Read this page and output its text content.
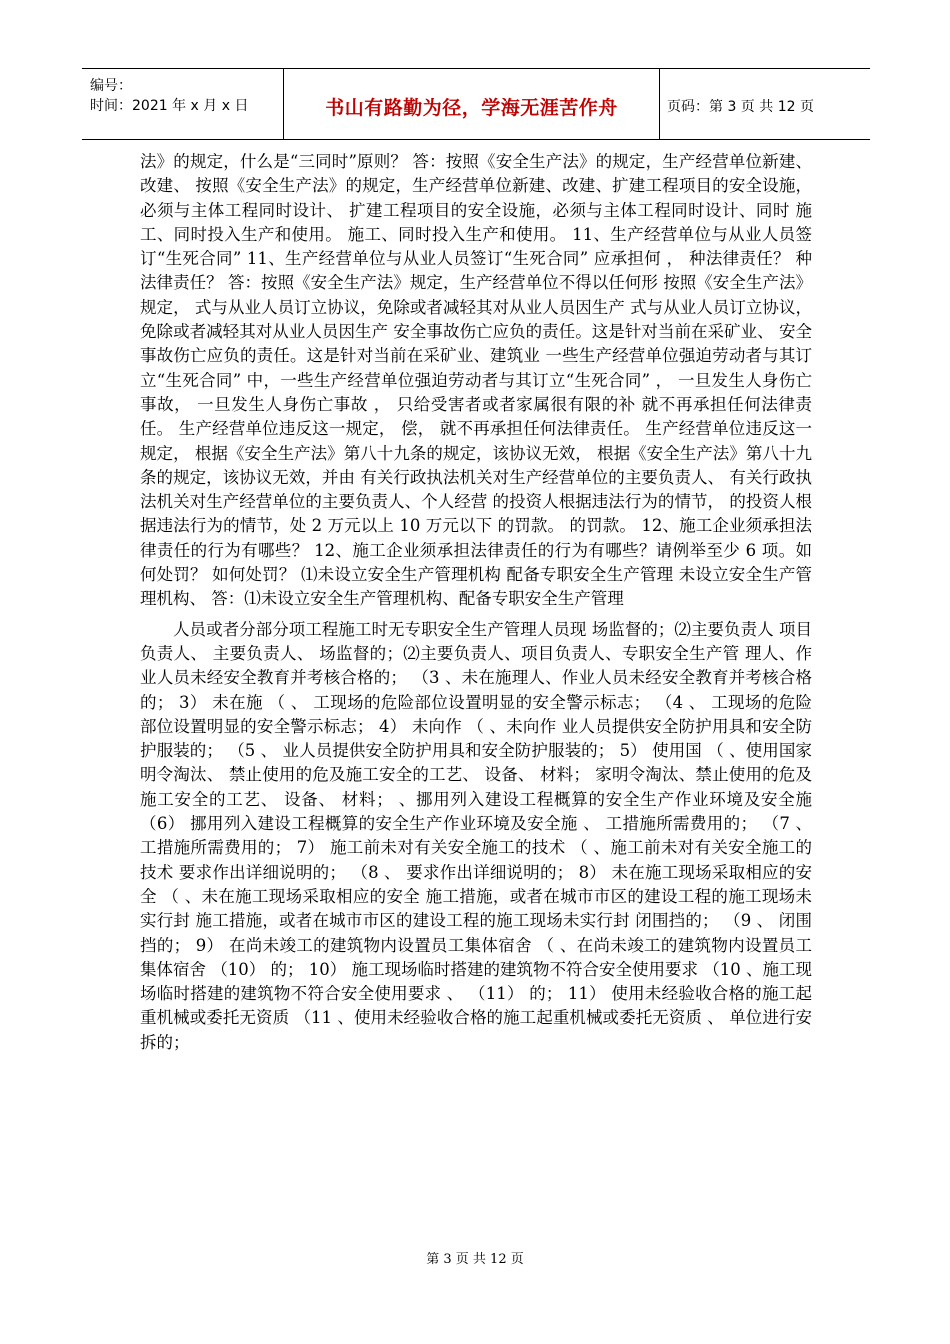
编号：
时间：2021 年 x 月 x 日	书山有路勤为径，学海无涯苦作舟	页码：第 3 页 共 12 页

法》的规定，什么是“三同时”原则？ 答：按照《安全生产法》的规定，生产经营单位新建、改建、 按照《安全生产法》的规定，生产经营单位新建、改建、扩建工程项目的安全设施，必须与主体工程同时设计、 扩建工程项目的安全设施，必须与主体工程同时设计、同时 施工、同时投入生产和使用。 施工、同时投入生产和使用。 11、生产经营单位与从业人员签订“生死合同” 11、生产经营单位与从业人员签订“生死合同” 应承担何 ， 种法律责任？ 种法律责任？ 答：按照《安全生产法》规定，生产经营单位不得以任何形 按照《安全生产法》规定， 式与从业人员订立协议，免除或者减轻其对从业人员因生产 式与从业人员订立协议，免除或者减轻其对从业人员因生产 安全事故伤亡应负的责任。这是针对当前在采矿业、 安全事故伤亡应负的责任。这是针对当前在采矿业、建筑业 一些生产经营单位强迫劳动者与其订立“生死合同” 中，一些生产经营单位强迫劳动者与其订立“生死合同” ， 一旦发生人身伤亡事故， 一旦发生人身伤亡事故 ， 只给受害者或者家属很有限的补 就不再承担任何法律责任。 生产经营单位违反这一规定， 偿， 就不再承担任何法律责任。 生产经营单位违反这一规定， 根据《安全生产法》第八十九条的规定，该协议无效， 根据《安全生产法》第八十九条的规定，该协议无效，并由 有关行政执法机关对生产经营单位的主要负责人、 有关行政执法机关对生产经营单位的主要负责人、个人经营 的投资人根据违法行为的情节， 的投资人根据违法行为的情节，处 2 万元以上 10 万元以下 的罚款。 的罚款。 12、施工企业须承担法律责任的行为有哪些？ 12、施工企业须承担法律责任的行为有哪些？请例举至少 6 项。如何处罚？ 如何处罚？ ⑴未设立安全生产管理机构 配备专职安全生产管理 未设立安全生产管理机构、 答：⑴未设立安全生产管理机构、配备专职安全生产管理

人员或者分部分项工程施工时无专职安全生产管理人员现 场监督的；⑵主要负责人 项目负责人、 主要负责人、 场监督的；⑵主要负责人、项目负责人、专职安全生产管 理人、作业人员未经安全教育并考核合格的； （3 、未在施理人、作业人员未经安全教育并考核合格的； 3） 未在施 （ 、 工现场的危险部位设置明显的安全警示标志； （4 、 工现场的危险部位设置明显的安全警示标志； 4） 未向作 （ 、未向作 业人员提供安全防护用具和安全防护服装的； （5 、 业人员提供安全防护用具和安全防护服装的； 5） 使用国 （ 、使用国家明令淘汰、 禁止使用的危及施工安全的工艺、 设备、 材料； 家明令淘汰、禁止使用的危及施工安全的工艺、 设备、 材料； 、挪用列入建设工程概算的安全生产作业环境及安全施 （6） 挪用列入建设工程概算的安全生产作业环境及安全施 、 工措施所需费用的； （7 、 工措施所需费用的； 7） 施工前未对有关安全施工的技术 （ 、施工前未对有关安全施工的技术 要求作出详细说明的； （8 、 要求作出详细说明的； 8） 未在施工现场采取相应的安全 （ 、未在施工现场采取相应的安全 施工措施，或者在城市市区的建设工程的施工现场未实行封 施工措施，或者在城市市区的建设工程的施工现场未实行封 闭围挡的； （9 、 闭围挡的； 9） 在尚未竣工的建筑物内设置员工集体宿舍 （ 、在尚未竣工的建筑物内设置员工集体宿舍 （10） 的； 10） 施工现场临时搭建的建筑物不符合安全使用要求 （10 、施工现场临时搭建的建筑物不符合安全使用要求 、 （11） 的； 11） 使用未经验收合格的施工起重机械或委托无资质 （11 、使用未经验收合格的施工起重机械或委托无资质 、 单位进行安拆的；

第 3 页 共 12 页
